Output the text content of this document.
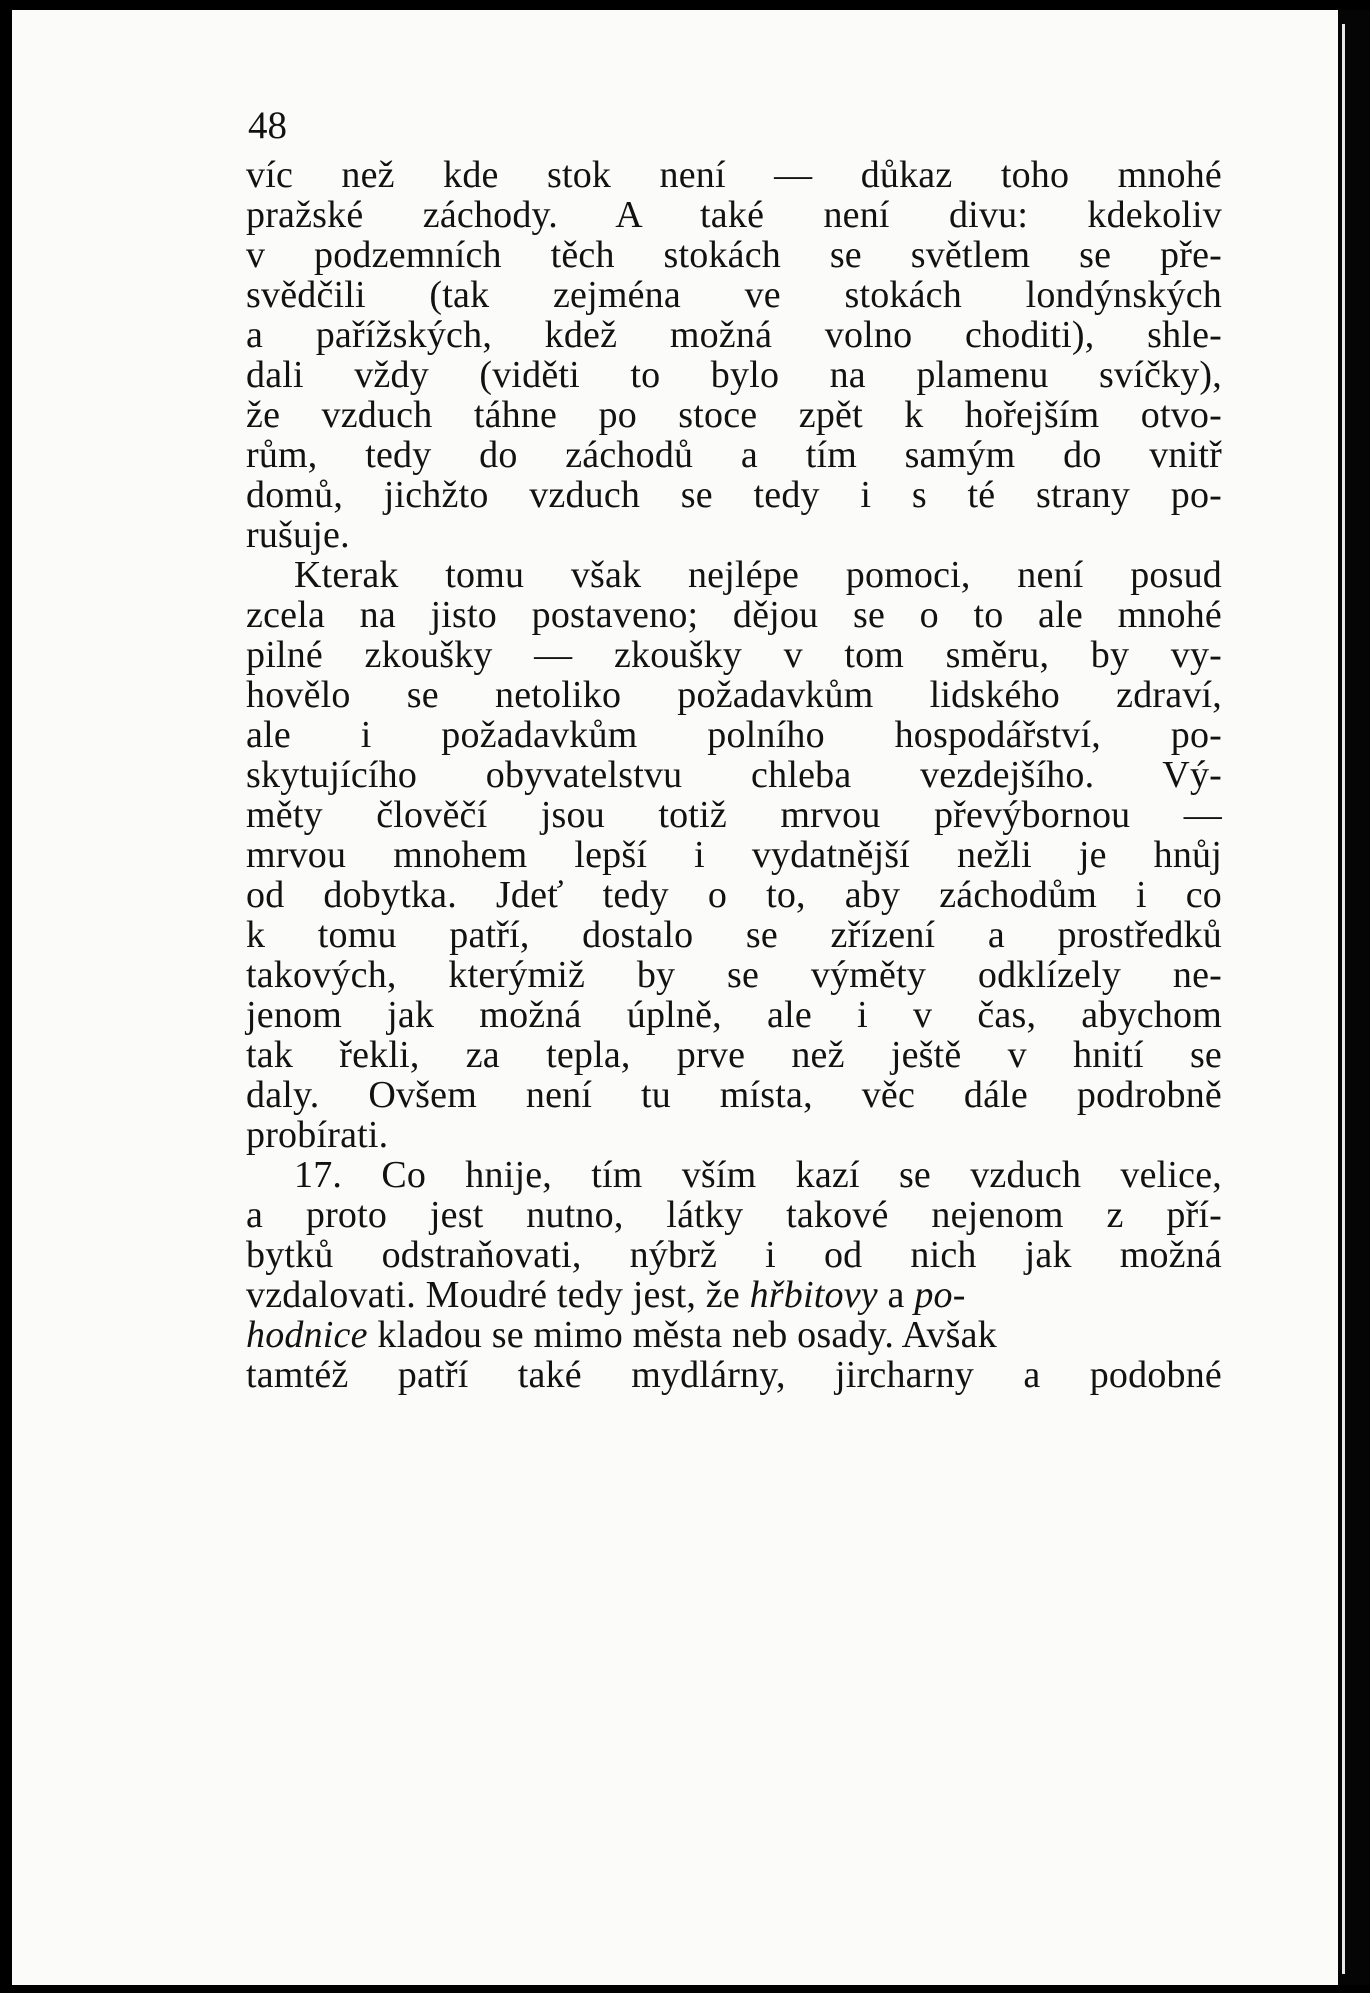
48
víc než kde stok není — důkaz toho mnohé
pražské záchody. A také není divu: kdekoliv
v podzemních těch stokách se světlem se pře-
svědčili (tak zejména ve stokách londýnských
a pařížských, kdež možná volno choditi), shle-
dali vždy (viděti to bylo na plamenu svíčky),
že vzduch táhne po stoce zpět k hořejším otvo-
rům, tedy do záchodů a tím samým do vnitř
domů, jichžto vzduch se tedy i s té strany po-
rušuje.
Kterak tomu však nejlépe pomoci, není posud
zcela na jisto postaveno; dějou se o to ale mnohé
pilné zkoušky — zkoušky v tom směru, by vy-
hovělo se netoliko požadavkům lidského zdraví,
ale i požadavkům polního hospodářství, po-
skytujícího obyvatelstvu chleba vezdejšího. Vý-
měty člověčí jsou totiž mrvou převýbornou —
mrvou mnohem lepší i vydatnější nežli je hnůj
od dobytka. Jdeť tedy o to, aby záchodům i co
k tomu patří, dostalo se zřízení a prostředků
takových, kterýmiž by se výměty odklízely ne-
jenom jak možná úplně, ale i v čas, abychom
tak řekli, za tepla, prve než ještě v hnití se
daly. Ovšem není tu místa, věc dále podrobně
probírati.
17. Co hnije, tím vším kazí se vzduch velice,
a proto jest nutno, látky takové nejenom z pří-
bytků odstraňovati, nýbrž i od nich jak možná
vzdalovati. Moudré tedy jest, že hřbitovy a po-
hodnice kladou se mimo města neb osady. Avšak
tamtéž patří také mydlárny, jircharny a podobné
